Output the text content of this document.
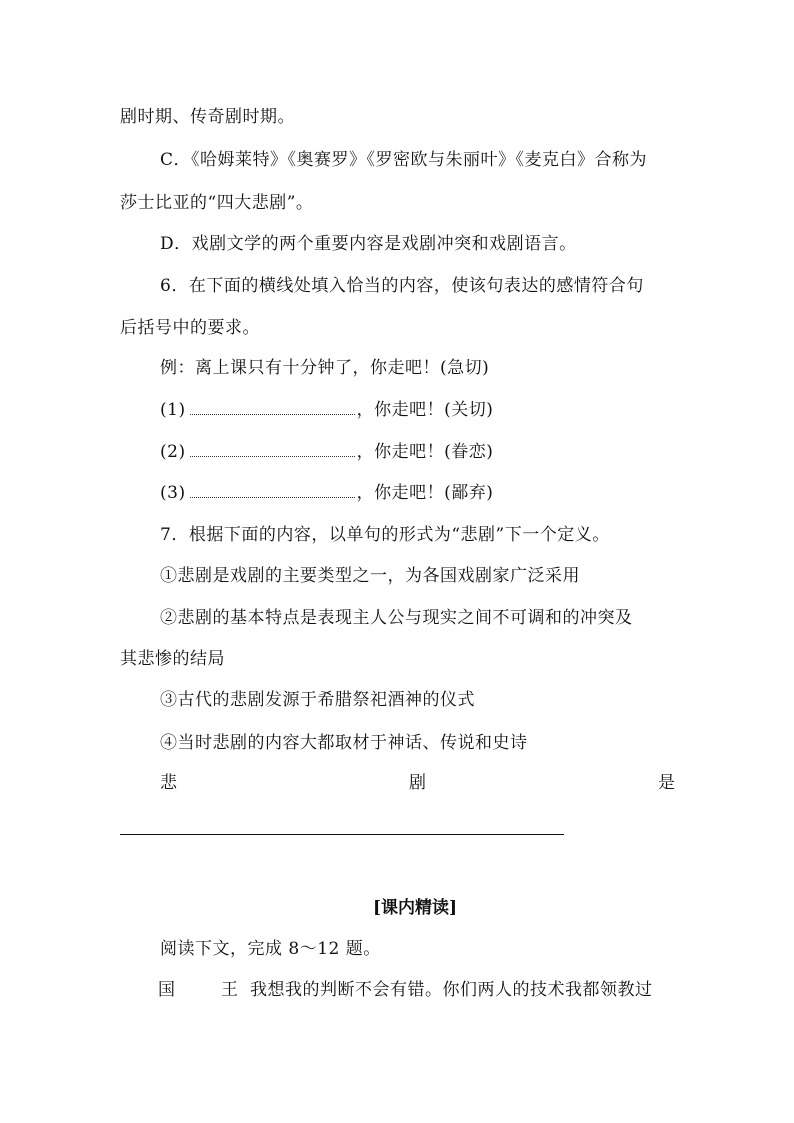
剧时期、传奇剧时期。
C．《哈姆莱特》《奥赛罗》《罗密欧与朱丽叶》《麦克白》合称为
莎士比亚的“四大悲剧”。
D．戏剧文学的两个重要内容是戏剧冲突和戏剧语言。
6．在下面的横线处填入恰当的内容，使该句表达的感情符合句
后括号中的要求。
例：离上课只有十分钟了，你走吧！(急切)
(1)	，你走吧！(关切)
(2)	，你走吧！(眷恋)
(3)	，你走吧！(鄙弃)
7．根据下面的内容，以单句的形式为“悲剧”下一个定义。
①悲剧是戏剧的主要类型之一，为各国戏剧家广泛采用
②悲剧的基本特点是表现主人公与现实之间不可调和的冲突及
其悲惨的结局
③古代的悲剧发源于希腊祭祀酒神的仪式
④当时悲剧的内容大都取材于神话、传说和史诗
悲	剧	是
[课内精读]
阅读下文，完成 8～12 题。
国	王 我想我的判断不会有错。你们两人的技术我都领教过
